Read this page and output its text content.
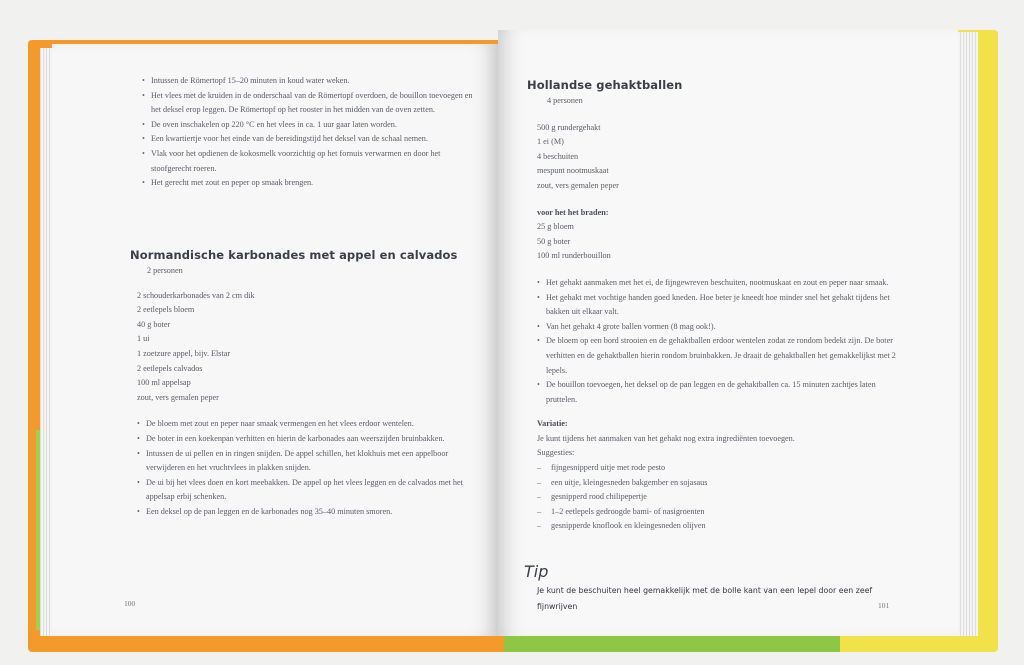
• Intussen de Römertopf 15–20 minuten in koud water weken.
• Het vlees met de kruiden in de onderschaal van de Römertopf overdoen, de bouillon toevoegen en het deksel erop leggen. De Römertopf op het rooster in het midden van de oven zetten.
• De oven inschakelen op 220 °C en het vlees in ca. 1 uur gaar laten worden.
• Een kwartiertje voor het einde van de bereidingstijd het deksel van de schaal nemen.
• Vlak voor het opdienen de kokosmelk voorzichtig op het fornuis verwarmen en door het stoofgerecht roeren.
• Het gerecht met zout en peper op smaak brengen.
Normandische karbonades met appel en calvados
2 personen
2 schouderkarbonades van 2 cm dik
2 eetlepels bloem
40 g boter
1 ui
1 zoetzure appel, bijv. Elstar
2 eetlepels calvados
100 ml appelsap
zout, vers gemalen peper
• De bloem met zout en peper naar smaak vermengen en het vlees erdoor wentelen.
• De boter in een koekenpan verhitten en hierin de karbonades aan weerszijden bruinbakken.
• Intussen de ui pellen en in ringen snijden. De appel schillen, het klokhuis met een appelboor verwijderen en het vruchtvlees in plakken snijden.
• De ui bij het vlees doen en kort meebakken. De appel op het vlees leggen en de calvados met het appelsap erbij schenken.
• Een deksel op de pan leggen en de karbonades nog 35–40 minuten smoren.
100
Hollandse gehaktballen
4 personen
500 g rundergehakt
1 ei (M)
4 beschuiten
mespunt nootmuskaat
zout, vers gemalen peper
voor het het braden:
25 g bloem
50 g boter
100 ml runderbouillon
• Het gehakt aanmaken met het ei, de fijngewreven beschuiten, nootmuskaat en zout en peper naar smaak.
• Het gehakt met vochtige handen goed kneden. Hoe beter je kneedt hoe minder snel het gehakt tijdens het bakken uit elkaar valt.
• Van het gehakt 4 grote ballen vormen (8 mag ook!).
• De bloem op een bord strooien en de gehaktballen erdoor wentelen zodat ze rondom bedekt zijn. De boter verhitten en de gehaktballen hierin rondom bruinbakken. Je draait de gehaktballen het gemakkelijkst met 2 lepels.
• De bouillon toevoegen, het deksel op de pan leggen en de gehaktballen ca. 15 minuten zachtjes laten pruttelen.
Variatie:
Je kunt tijdens het aanmaken van het gehakt nog extra ingrediënten toevoegen.
Suggesties:
– fijngesnipperd uitje met rode pesto
– een uitje, kleingesneden bakgember en sojasaus
– gesnipperd rood chilipepertje
– 1–2 eetlepels gedroogde bami- of nasigroenten
– gesnipperde knoflook en kleingesneden olijven
Tip
Je kunt de beschuiten heel gemakkelijk met de bolle kant van een lepel door een zeef fijnwrijven	101
